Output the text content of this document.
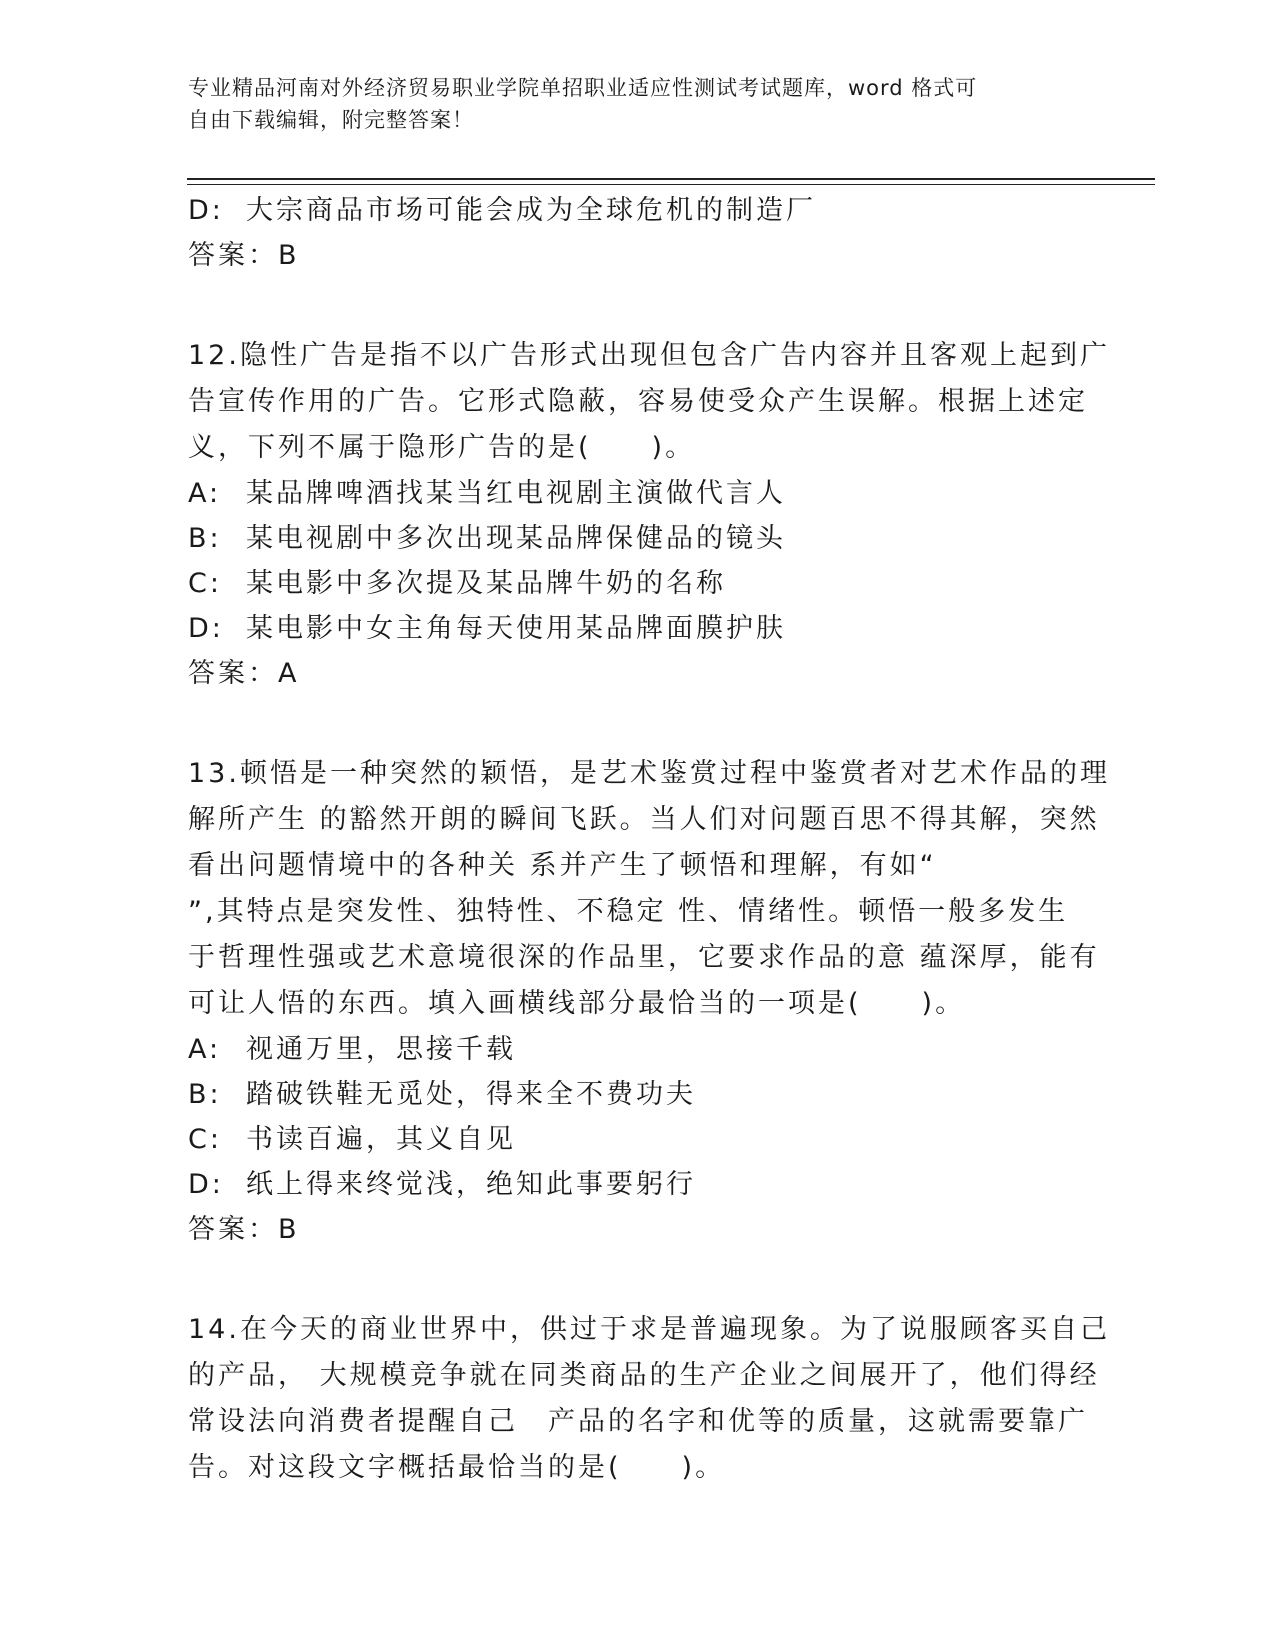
专业精品河南对外经济贸易职业学院单招职业适应性测试考试题库，word 格式可
自由下载编辑，附完整答案！
D: 大宗商品市场可能会成为全球危机的制造厂
答案：B
12.隐性广告是指不以广告形式出现但包含广告内容并且客观上起到广
告宣传作用的广告。它形式隐蔽，容易使受众产生误解。根据上述定
义，下列不属于隐形广告的是(　　)。
A: 某品牌啤酒找某当红电视剧主演做代言人
B: 某电视剧中多次出现某品牌保健品的镜头
C: 某电影中多次提及某品牌牛奶的名称
D: 某电影中女主角每天使用某品牌面膜护肤
答案：A
13.顿悟是一种突然的颖悟，是艺术鉴赏过程中鉴赏者对艺术作品的理
解所产生 的豁然开朗的瞬间飞跃。当人们对问题百思不得其解，突然
看出问题情境中的各种关 系并产生了顿悟和理解，有如“
”,其特点是突发性、独特性、不稳定 性、情绪性。顿悟一般多发生
于哲理性强或艺术意境很深的作品里，它要求作品的意 蕴深厚，能有
可让人悟的东西。填入画横线部分最恰当的一项是(　　)。
A: 视通万里，思接千载
B: 踏破铁鞋无觅处，得来全不费功夫
C: 书读百遍，其义自见
D: 纸上得来终觉浅，绝知此事要躬行
答案：B
14.在今天的商业世界中，供过于求是普遍现象。为了说服顾客买自己
的产品， 大规模竞争就在同类商品的生产企业之间展开了，他们得经
常设法向消费者提醒自己　产品的名字和优等的质量，这就需要靠广
告。对这段文字概括最恰当的是(　　)。
